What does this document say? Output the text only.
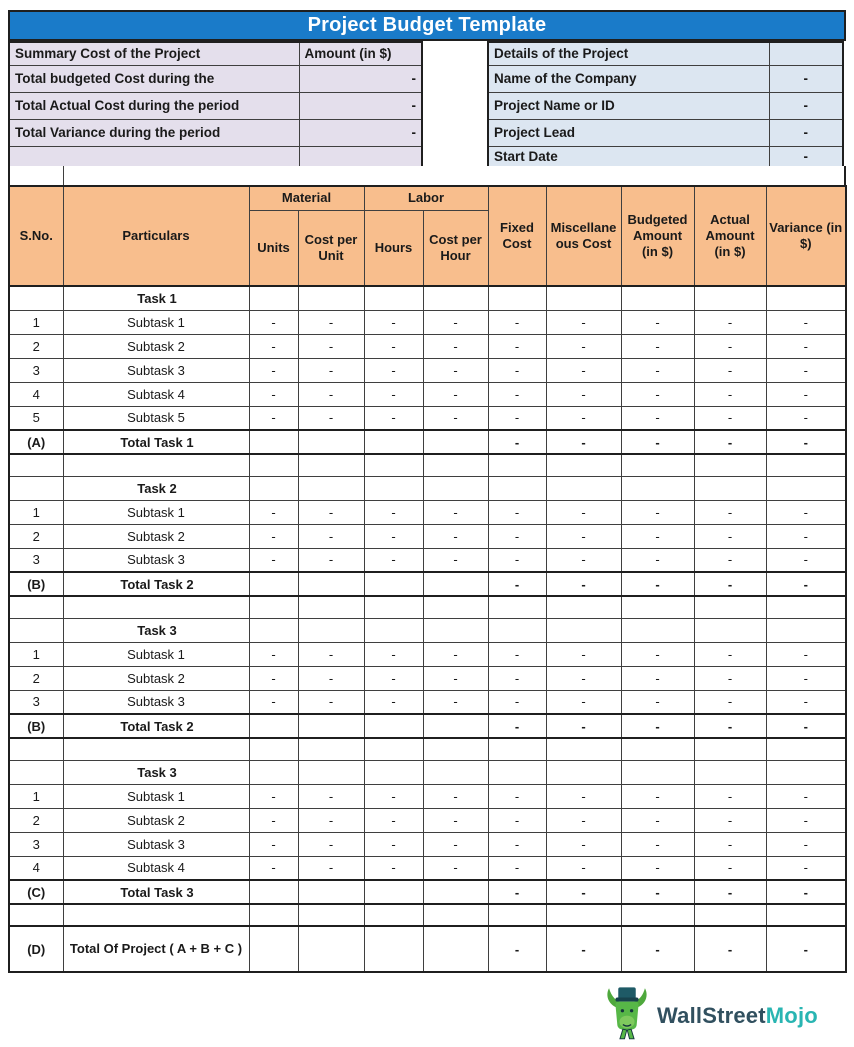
Project Budget Template
Summary Cost of the Project	Amount (in $)
Total budgeted Cost during the	-
Total Actual Cost during the period	-
Total Variance during the period	-

Details of the Project	
Name of the Company	-
Project Name or ID	-
Project Lead	-
Start Date	-
S.No.	Particulars	Material		Labor		Fixed Cost	Miscellaneous Cost	Budgeted Amount (in $)	Actual Amount (in $)	Variance (in $)
		Units	Cost per Unit	Hours	Cost per Hour					
	Task 1									
1	Subtask 1	-	-	-	-	-	-	-	-	-
2	Subtask 2	-	-	-	-	-	-	-	-	-
3	Subtask 3	-	-	-	-	-	-	-	-	-
4	Subtask 4	-	-	-	-	-	-	-	-	-
5	Subtask 5	-	-	-	-	-	-	-	-	-
(A)	Total Task 1					-	-	-	-	-

	Task 2									
1	Subtask 1	-	-	-	-	-	-	-	-	-
2	Subtask 2	-	-	-	-	-	-	-	-	-
3	Subtask 3	-	-	-	-	-	-	-	-	-
(B)	Total Task 2					-	-	-	-	-

	Task 3									
1	Subtask 1	-	-	-	-	-	-	-	-	-
2	Subtask 2	-	-	-	-	-	-	-	-	-
3	Subtask 3	-	-	-	-	-	-	-	-	-
(B)	Total Task 2					-	-	-	-	-

	Task 3									
1	Subtask 1	-	-	-	-	-	-	-	-	-
2	Subtask 2	-	-	-	-	-	-	-	-	-
3	Subtask 3	-	-	-	-	-	-	-	-	-
4	Subtask 4	-	-	-	-	-	-	-	-	-
(C)	Total Task 3					-	-	-	-	-

(D)	Total Of Project ( A + B + C )					-	-	-	-	-
WallStreetMojo
